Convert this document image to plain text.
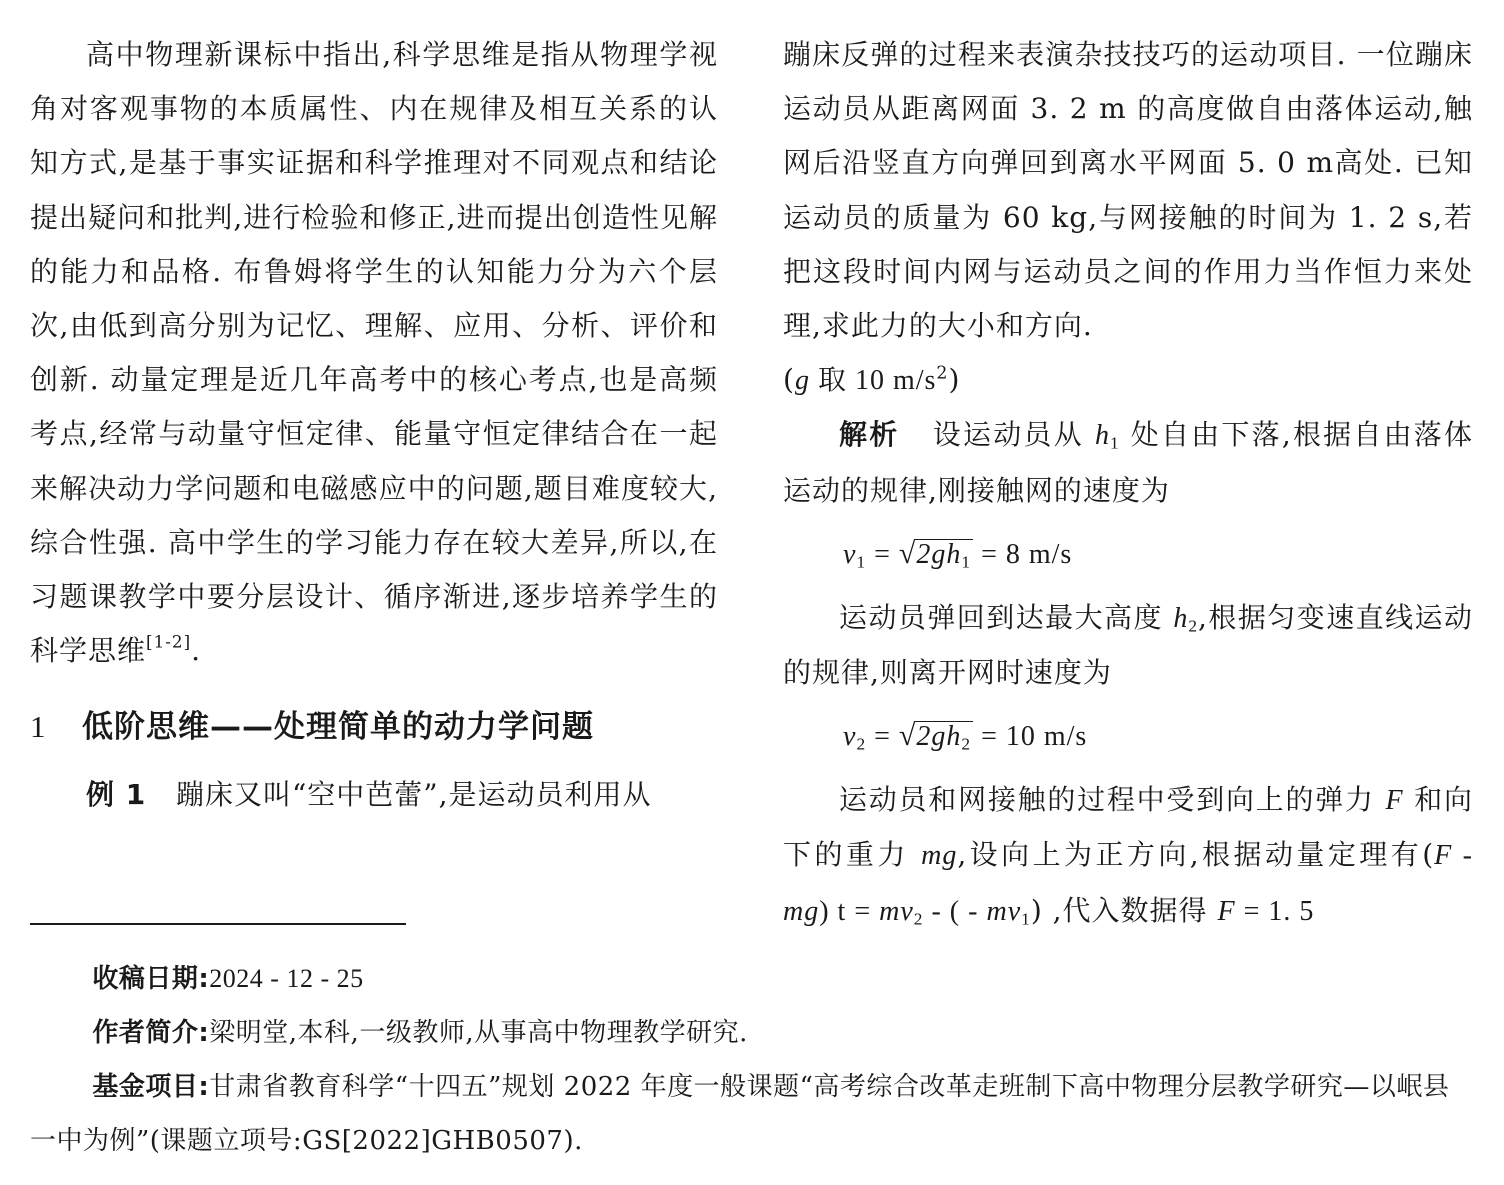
高中物理新课标中指出,科学思维是指从物理学视角对客观事物的本质属性、内在规律及相互关系的认知方式,是基于事实证据和科学推理对不同观点和结论提出疑问和批判,进行检验和修正,进而提出创造性见解的能力和品格. 布鲁姆将学生的认知能力分为六个层次,由低到高分别为记忆、理解、应用、分析、评价和创新. 动量定理是近几年高考中的核心考点,也是高频考点,经常与动量守恒定律、能量守恒定律结合在一起来解决动力学问题和电磁感应中的问题,题目难度较大,综合性强. 高中学生的学习能力存在较大差异,所以,在习题课教学中要分层设计、循序渐进,逐步培养学生的科学思维[1-2].

1 低阶思维——处理简单的动力学问题

例 1 蹦床又叫“空中芭蕾”,是运动员利用从

蹦床反弹的过程来表演杂技技巧的运动项目. 一位蹦床运动员从距离网面 3. 2 m 的高度做自由落体运动,触网后沿竖直方向弹回到离水平网面 5. 0 m高处. 已知运动员的质量为 60 kg,与网接触的时间为 1. 2 s,若把这段时间内网与运动员之间的作用力当作恒力来处理,求此力的大小和方向.

(g 取 10 $m/s^2$)

解析 设运动员从 $h_1$ 处自由下落,根据自由落体运动的规律,刚接触网的速度为

$v_1 = √2gh_1 = 8$ m/s

运动员弹回到达最大高度 $h_2$,根据匀变速直线运动的规律,则离开网时速度为

$v_2 = √2gh_2 = 10$ m/s

运动员和网接触的过程中受到向上的弹力 F 和向下的重力 mg,设向上为正方向,根据动量定理有(F - mg) $t = mv_2$ - ( - $mv_1$) ,代入数据得 F = 1. 5

收稿日期:2024 - 12 - 25

作者简介:梁明堂,本科,一级教师,从事高中物理教学研究.

基金项目:甘肃省教育科学“十四五”规划 2022 年度一般课题“高考综合改革走班制下高中物理分层教学研究—以岷县一中为例”(课题立项号:GS[2022]GHB0507).
